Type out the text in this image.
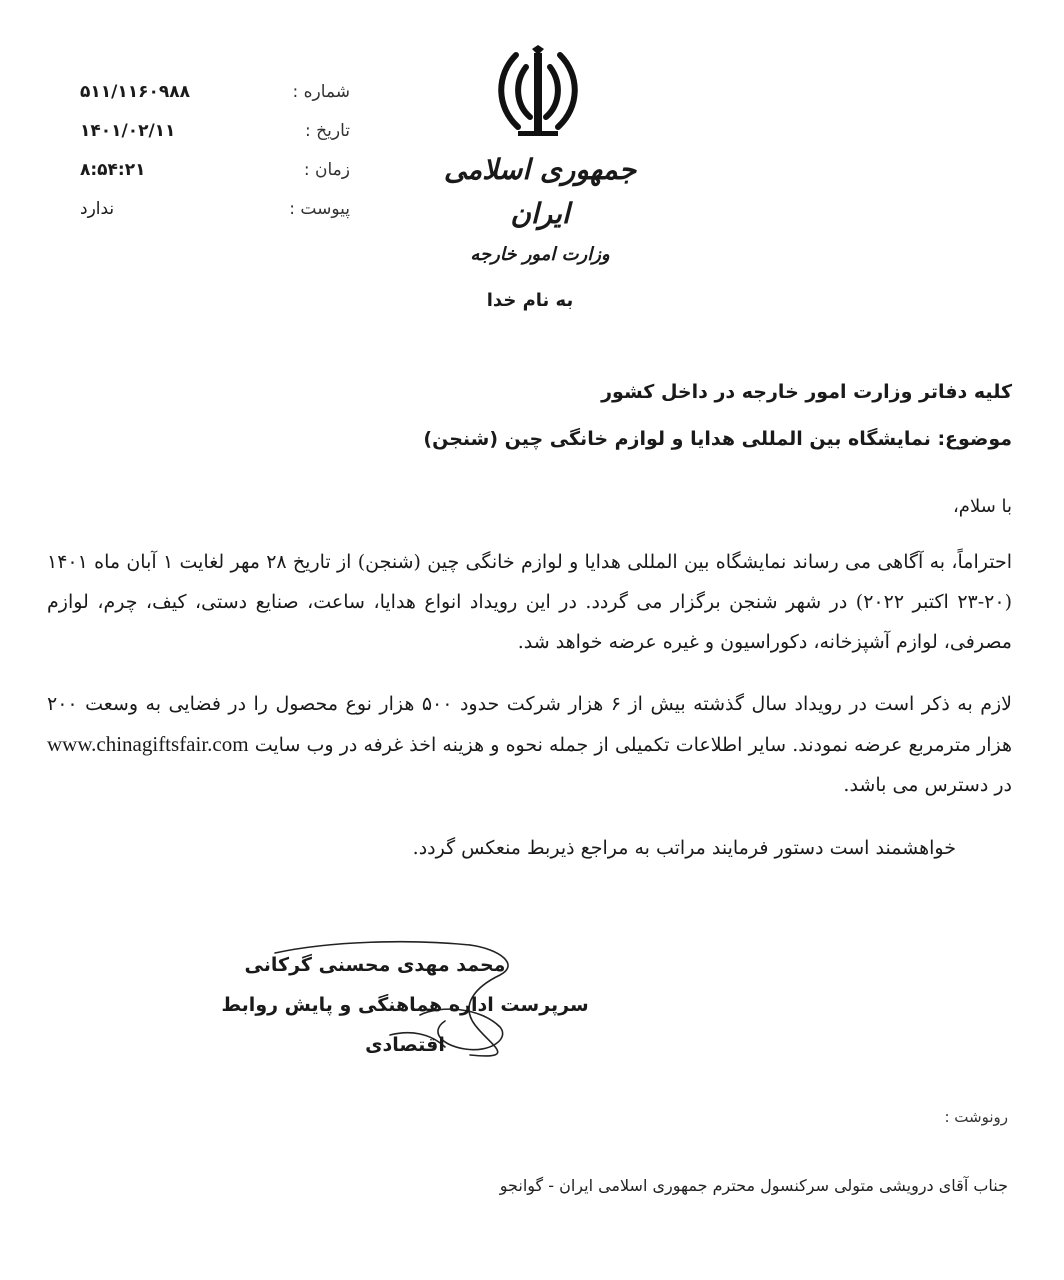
شماره :
۵۱۱/۱۱۶۰۹۸۸
تاریخ :
۱۴۰۱/۰۲/۱۱
زمان :
۸:۵۴:۲۱
پیوست :
ندارد
جمهوری اسلامی ایران
وزارت امور خارجه
به نام خدا
کلیه دفاتر وزارت امور خارجه در داخل کشور
موضوع: نمایشگاه بین المللی هدایا و لوازم خانگی چین (شنجن)
با سلام،
احتراماً، به آگاهی می رساند نمایشگاه بین المللی هدایا و لوازم خانگی چین (شنجن) از تاریخ ۲۸ مهر لغایت ۱ آبان ماه ۱۴۰۱ (۲۰-۲۳ اکتبر ۲۰۲۲) در شهر شنجن برگزار می گردد. در این رویداد انواع هدایا، ساعت، صنایع دستی، کیف، چرم، لوازم مصرفی، لوازم آشپزخانه، دکوراسیون و غیره عرضه خواهد شد.
لازم به ذکر است در رویداد سال گذشته بیش از ۶ هزار شرکت حدود ۵۰۰ هزار نوع محصول را در فضایی به وسعت ۲۰۰ هزار مترمربع عرضه نمودند. سایر اطلاعات تکمیلی از جمله نحوه و هزینه اخذ غرفه در وب سایت www.chinagiftsfair.com در دسترس می باشد.
خواهشمند است دستور فرمایند مراتب به مراجع ذیربط منعکس گردد.
محمد مهدی محسنی گرکانی
سرپرست اداره هماهنگی و پایش روابط اقتصادی
رونوشت :
جناب آقای درویشی متولی سرکنسول محترم جمهوری اسلامی ایران - گوانجو
